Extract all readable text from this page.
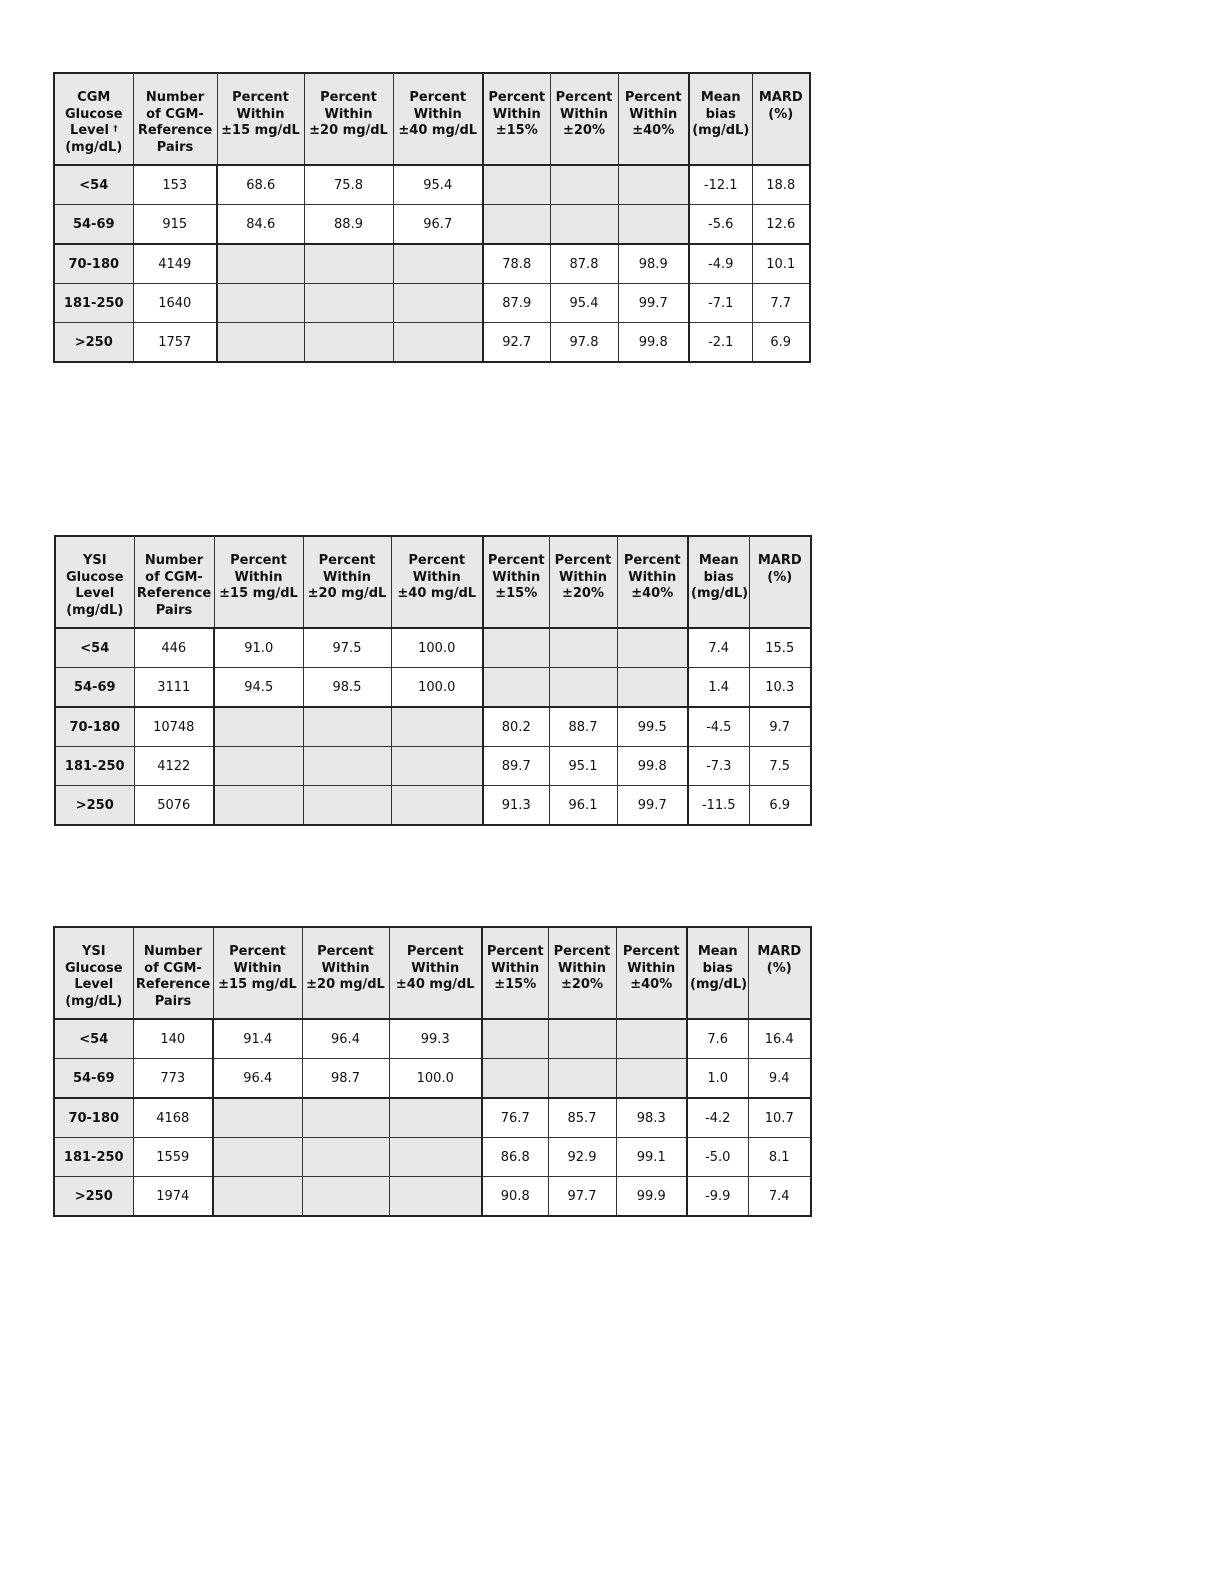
CGM
Glucose
Level †
(mg/dL)	Number
of CGM-
Reference
Pairs	Percent
Within
±15 mg/dL	Percent
Within
±20 mg/dL	Percent
Within
±40 mg/dL	Percent
Within
±15%	Percent
Within
±20%	Percent
Within
±40%	Mean
bias
(mg/dL)	MARD
(%)
<54	153	68.6	75.8	95.4				-12.1	18.8
54-69	915	84.6	88.9	96.7				-5.6	12.6
70-180	4149				78.8	87.8	98.9	-4.9	10.1
181-250	1640				87.9	95.4	99.7	-7.1	7.7
>250	1757				92.7	97.8	99.8	-2.1	6.9
YSI
Glucose
Level
(mg/dL)	Number
of CGM-
Reference
Pairs	Percent
Within
±15 mg/dL	Percent
Within
±20 mg/dL	Percent
Within
±40 mg/dL	Percent
Within
±15%	Percent
Within
±20%	Percent
Within
±40%	Mean
bias
(mg/dL)	MARD
(%)
<54	446	91.0	97.5	100.0				7.4	15.5
54-69	3111	94.5	98.5	100.0				1.4	10.3
70-180	10748				80.2	88.7	99.5	-4.5	9.7
181-250	4122				89.7	95.1	99.8	-7.3	7.5
>250	5076				91.3	96.1	99.7	-11.5	6.9
YSI
Glucose
Level
(mg/dL)	Number
of CGM-
Reference
Pairs	Percent
Within
±15 mg/dL	Percent
Within
±20 mg/dL	Percent
Within
±40 mg/dL	Percent
Within
±15%	Percent
Within
±20%	Percent
Within
±40%	Mean
bias
(mg/dL)	MARD
(%)
<54	140	91.4	96.4	99.3				7.6	16.4
54-69	773	96.4	98.7	100.0				1.0	9.4
70-180	4168				76.7	85.7	98.3	-4.2	10.7
181-250	1559				86.8	92.9	99.1	-5.0	8.1
>250	1974				90.8	97.7	99.9	-9.9	7.4
